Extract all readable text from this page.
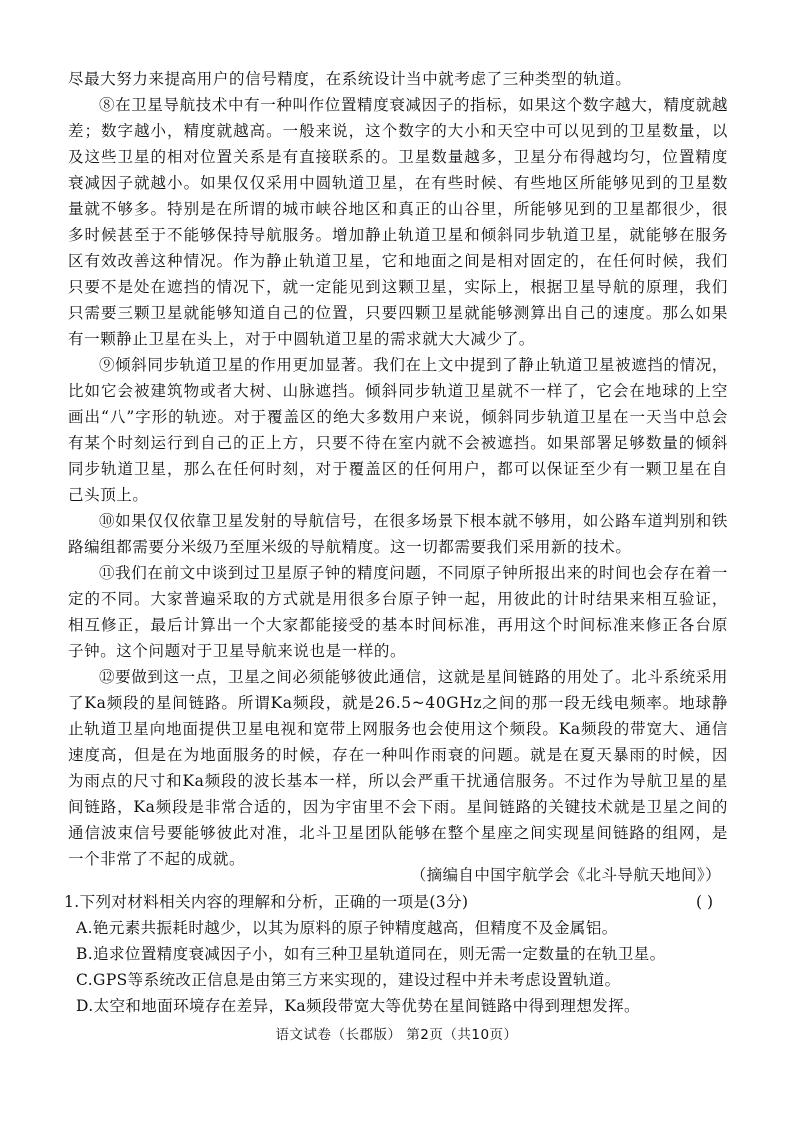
尽最大努力来提高用户的信号精度，在系统设计当中就考虑了三种类型的轨道。
⑧在卫星导航技术中有一种叫作位置精度衰减因子的指标，如果这个数字越大，精度就越差；数字越小，精度就越高。一般来说，这个数字的大小和天空中可以见到的卫星数量，以及这些卫星的相对位置关系是有直接联系的。卫星数量越多，卫星分布得越均匀，位置精度衰减因子就越小。如果仅仅采用中圆轨道卫星，在有些时候、有些地区所能够见到的卫星数量就不够多。特别是在所谓的城市峡谷地区和真正的山谷里，所能够见到的卫星都很少，很多时候甚至于不能够保持导航服务。增加静止轨道卫星和倾斜同步轨道卫星，就能够在服务区有效改善这种情况。作为静止轨道卫星，它和地面之间是相对固定的，在任何时候，我们只要不是处在遮挡的情况下，就一定能见到这颗卫星，实际上，根据卫星导航的原理，我们只需要三颗卫星就能够知道自己的位置，只要四颗卫星就能够测算出自己的速度。那么如果有一颗静止卫星在头上，对于中圆轨道卫星的需求就大大减少了。
⑨倾斜同步轨道卫星的作用更加显著。我们在上文中提到了静止轨道卫星被遮挡的情况，比如它会被建筑物或者大树、山脉遮挡。倾斜同步轨道卫星就不一样了，它会在地球的上空画出“八”字形的轨迹。对于覆盖区的绝大多数用户来说，倾斜同步轨道卫星在一天当中总会有某个时刻运行到自己的正上方，只要不待在室内就不会被遮挡。如果部署足够数量的倾斜同步轨道卫星，那么在任何时刻，对于覆盖区的任何用户，都可以保证至少有一颗卫星在自己头顶上。
⑩如果仅仅依靠卫星发射的导航信号，在很多场景下根本就不够用，如公路车道判别和铁路编组都需要分米级乃至厘米级的导航精度。这一切都需要我们采用新的技术。
⑪我们在前文中谈到过卫星原子钟的精度问题，不同原子钟所报出来的时间也会存在着一定的不同。大家普遍采取的方式就是用很多台原子钟一起，用彼此的计时结果来相互验证，相互修正，最后计算出一个大家都能接受的基本时间标准，再用这个时间标准来修正各台原子钟。这个问题对于卫星导航来说也是一样的。
⑫要做到这一点，卫星之间必须能够彼此通信，这就是星间链路的用处了。北斗系统采用了Ka频段的星间链路。所谓Ka频段，就是26.5~40GHz之间的那一段无线电频率。地球静止轨道卫星向地面提供卫星电视和宽带上网服务也会使用这个频段。Ka频段的带宽大、通信速度高，但是在为地面服务的时候，存在一种叫作雨衰的问题。就是在夏天暴雨的时候，因为雨点的尺寸和Ka频段的波长基本一样，所以会严重干扰通信服务。不过作为导航卫星的星间链路，Ka频段是非常合适的，因为宇宙里不会下雨。星间链路的关键技术就是卫星之间的通信波束信号要能够彼此对准，北斗卫星团队能够在整个星座之间实现星间链路的组网，是一个非常了不起的成就。
（摘编自中国宇航学会《北斗导航天地间》）
1.下列对材料相关内容的理解和分析，正确的一项是(3分)	( )
A.铯元素共振耗时越少，以其为原料的原子钟精度越高，但精度不及金属铝。
B.追求位置精度衰减因子小，如有三种卫星轨道同在，则无需一定数量的在轨卫星。
C.GPS等系统改正信息是由第三方来实现的，建设过程中并未考虑设置轨道。
D.太空和地面环境存在差异，Ka频段带宽大等优势在星间链路中得到理想发挥。
语文试卷（长郡版） 第2页（共10页）
